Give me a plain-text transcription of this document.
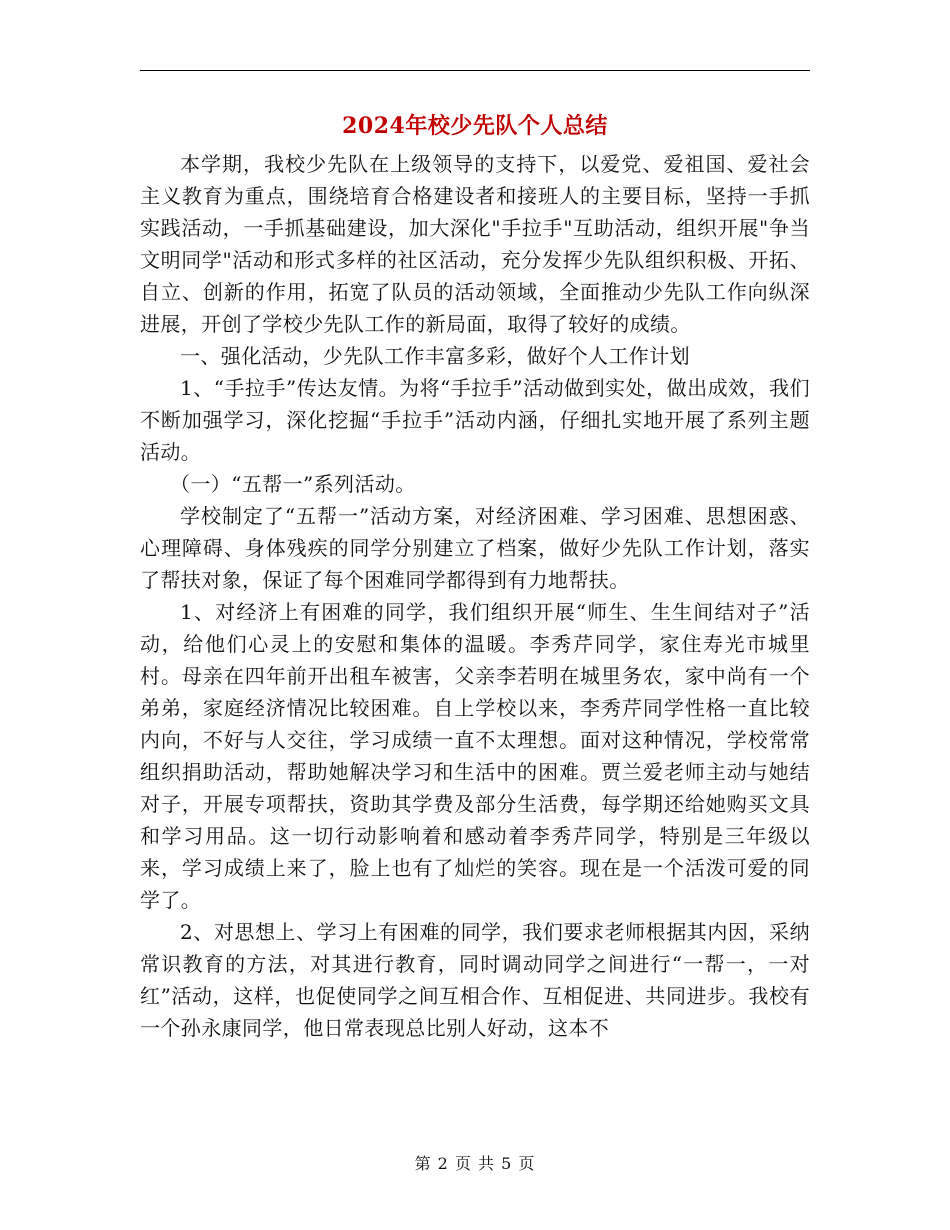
2024年校少先队个人总结

本学期，我校少先队在上级领导的支持下，以爱党、爱祖国、爱社会主义教育为重点，围绕培育合格建设者和接班人的主要目标，坚持一手抓实践活动，一手抓基础建设，加大深化"手拉手"互助活动，组织开展"争当文明同学"活动和形式多样的社区活动，充分发挥少先队组织积极、开拓、自立、创新的作用，拓宽了队员的活动领域，全面推动少先队工作向纵深进展，开创了学校少先队工作的新局面，取得了较好的成绩。

一、强化活动，少先队工作丰富多彩，做好个人工作计划

1、“手拉手”传达友情。为将“手拉手”活动做到实处，做出成效，我们不断加强学习，深化挖掘“手拉手”活动内涵，仔细扎实地开展了系列主题活动。

（一）“五帮一”系列活动。

学校制定了“五帮一”活动方案，对经济困难、学习困难、思想困惑、心理障碍、身体残疾的同学分别建立了档案，做好少先队工作计划，落实了帮扶对象，保证了每个困难同学都得到有力地帮扶。

1、对经济上有困难的同学，我们组织开展“师生、生生间结对子”活动，给他们心灵上的安慰和集体的温暖。李秀芹同学，家住寿光市城里村。母亲在四年前开出租车被害，父亲李若明在城里务农，家中尚有一个弟弟，家庭经济情况比较困难。自上学校以来，李秀芹同学性格一直比较内向，不好与人交往，学习成绩一直不太理想。面对这种情况，学校常常组织捐助活动，帮助她解决学习和生活中的困难。贾兰爱老师主动与她结对子，开展专项帮扶，资助其学费及部分生活费，每学期还给她购买文具和学习用品。这一切行动影响着和感动着李秀芹同学，特别是三年级以来，学习成绩上来了，脸上也有了灿烂的笑容。现在是一个活泼可爱的同学了。

2、对思想上、学习上有困难的同学，我们要求老师根据其内因，采纳常识教育的方法，对其进行教育，同时调动同学之间进行“一帮一，一对红”活动，这样，也促使同学之间互相合作、互相促进、共同进步。我校有一个孙永康同学，他日常表现总比别人好动，这本不

第 2 页 共 5 页
